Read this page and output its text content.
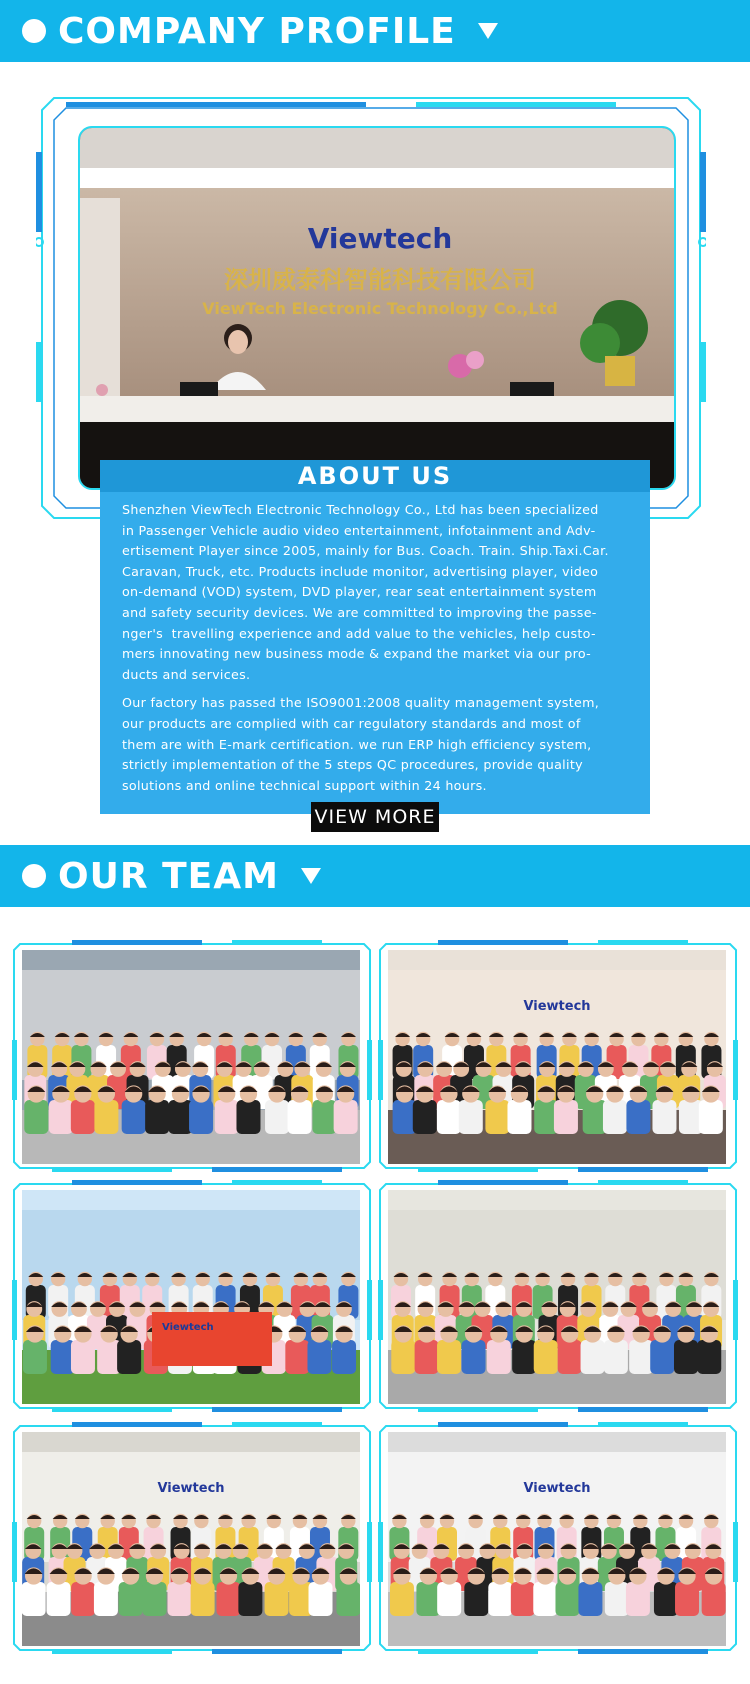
COMPANY PROFILE
Viewtech
深圳威泰科智能科技有限公司
ViewTech Electronic Technology Co.,Ltd
ABOUT US

Shenzhen ViewTech Electronic Technology Co., Ltd has been specialized
in Passenger Vehicle audio video entertainment, infotainment and Adv-
ertisement Player since 2005, mainly for Bus. Coach. Train. Ship.Taxi.Car.
Caravan, Truck, etc. Products include monitor, advertising player, video
on-demand (VOD) system, DVD player, rear seat entertainment system
and safety security devices. We are committed to improving the passe-
nger's  travelling experience and add value to the vehicles, help custo-
mers innovating new business mode & expand the market via our pro-
ducts and services.

Our factory has passed the ISO9001:2008 quality management system,
our products are complied with car regulatory standards and most of
them are with E-mark certification. we run ERP high efficiency system,
strictly implementation of the 5 steps QC procedures, provide quality
solutions and online technical support within 24 hours.

VIEW MORE
OUR TEAM
Viewtech
Viewtech
Viewtech	Viewtech
